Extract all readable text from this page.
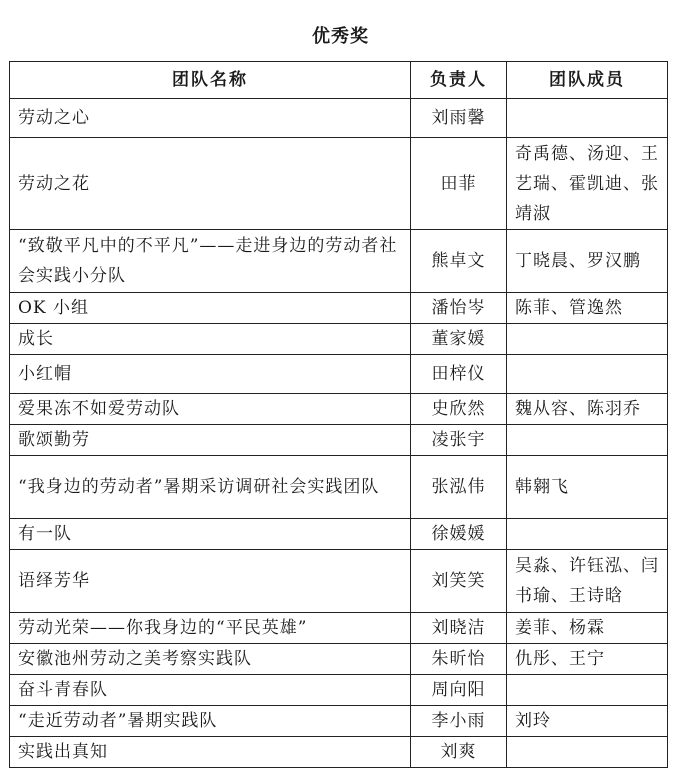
优秀奖
团队名称	负责人	团队成员
劳动之心	刘雨馨	
劳动之花	田菲	奇禹德、汤迎、王艺瑞、霍凯迪、张靖淑
“致敬平凡中的不平凡”——走进身边的劳动者社会实践小分队	熊卓文	丁晓晨、罗汉鹏
OK 小组	潘怡岑	陈菲、管逸然
成长	董家媛	
小红帽	田梓仪	
爱果冻不如爱劳动队	史欣然	魏从容、陈羽乔
歌颂勤劳	凌张宇	
“我身边的劳动者”暑期采访调研社会实践团队	张泓伟	韩翱飞
有一队	徐媛媛	
语绎芳华	刘笑笑	吴淼、许钰泓、闫书瑜、王诗晗
劳动光荣——你我身边的“平民英雄”	刘晓洁	姜菲、杨霖
安徽池州劳动之美考察实践队	朱昕怡	仇彤、王宁
奋斗青春队	周向阳	
“走近劳动者”暑期实践队	李小雨	刘玲
实践出真知	刘爽	
